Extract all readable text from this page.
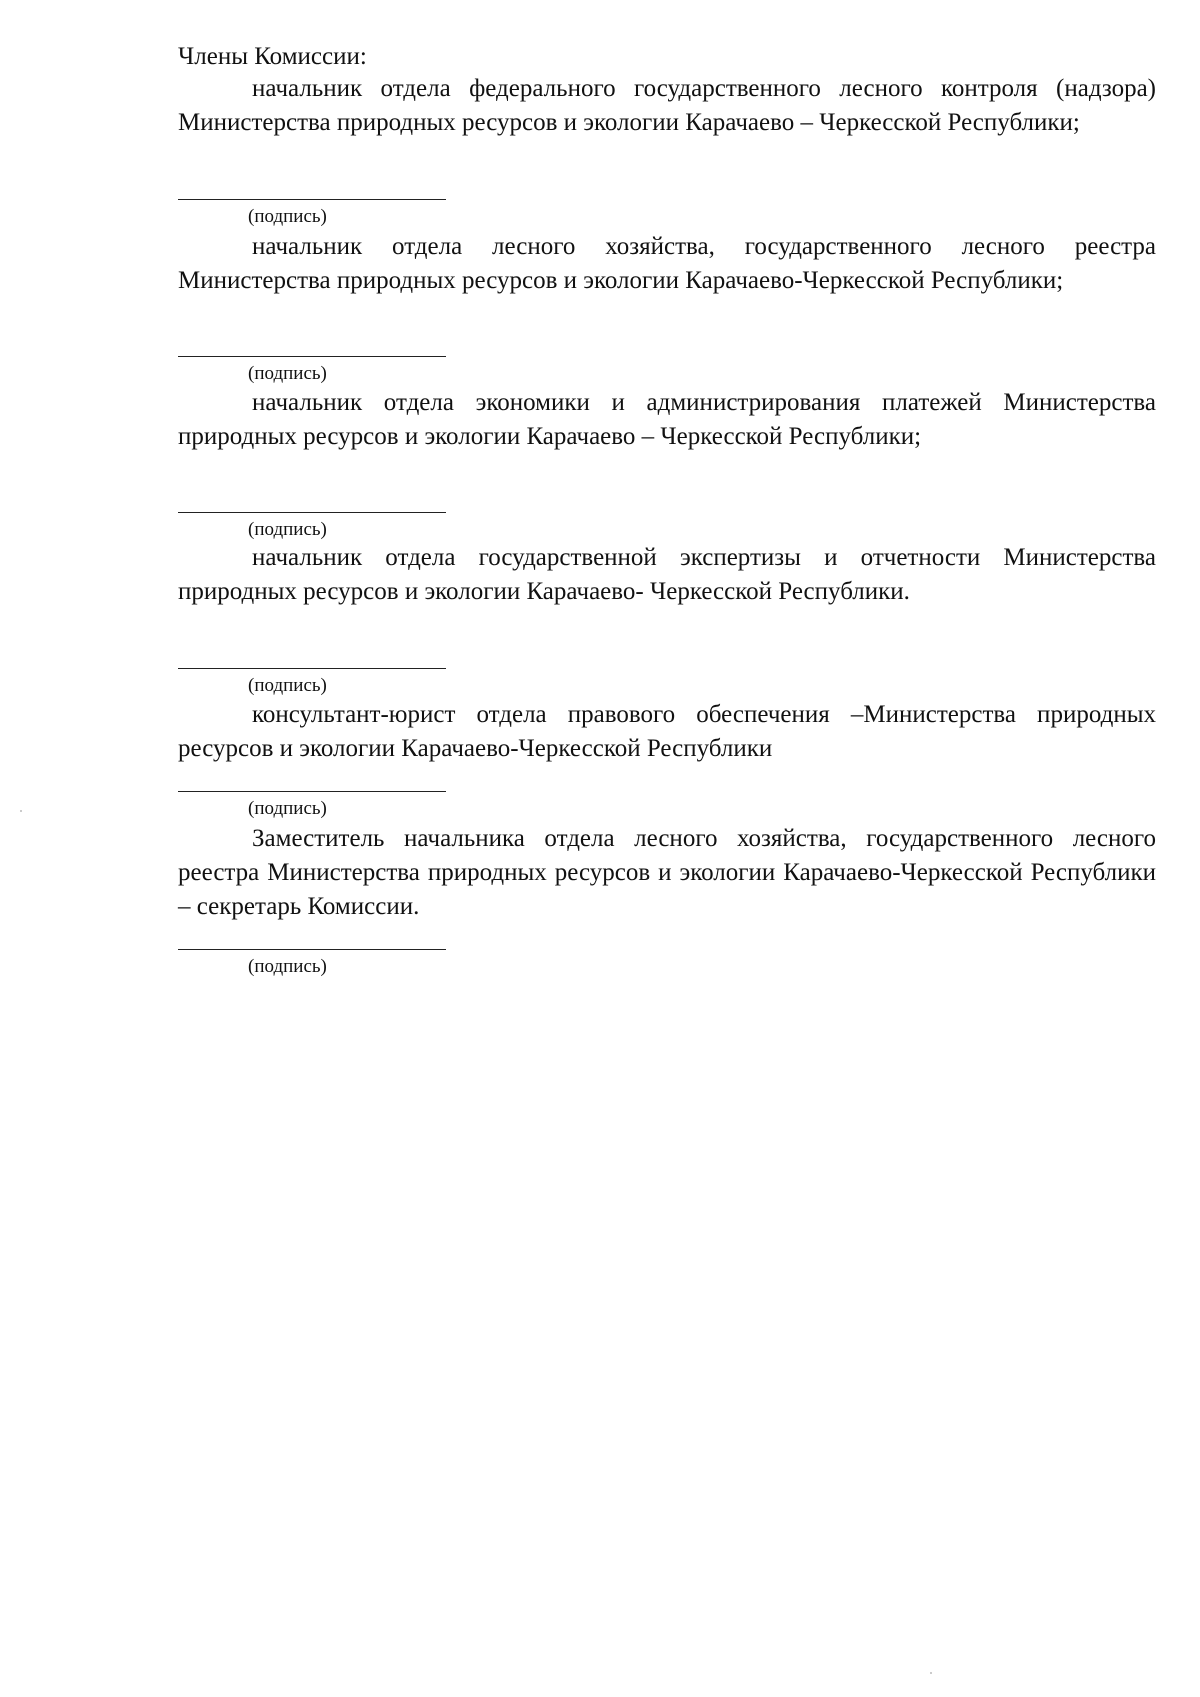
Члены Комиссии:

начальник отдела федерального государственного лесного контроля (надзора) Министерства природных ресурсов и экологии Карачаево – Черкесской Республики;

(подпись)

начальник отдела лесного хозяйства, государственного лесного реестра Министерства природных ресурсов и экологии Карачаево-Черкесской Республики;

(подпись)

начальник отдела экономики и администрирования платежей Министерства природных ресурсов и экологии Карачаево – Черкесской Республики;

(подпись)

начальник отдела государственной экспертизы и отчетности Министерства природных ресурсов и экологии Карачаево- Черкесской Республики.

(подпись)

консультант-юрист отдела правового обеспечения –Министерства природных ресурсов и экологии Карачаево-Черкесской Республики

(подпись)

Заместитель начальника отдела лесного хозяйства, государственного лесного реестра Министерства природных ресурсов и экологии Карачаево-Черкесской Республики – секретарь Комиссии.

(подпись)
